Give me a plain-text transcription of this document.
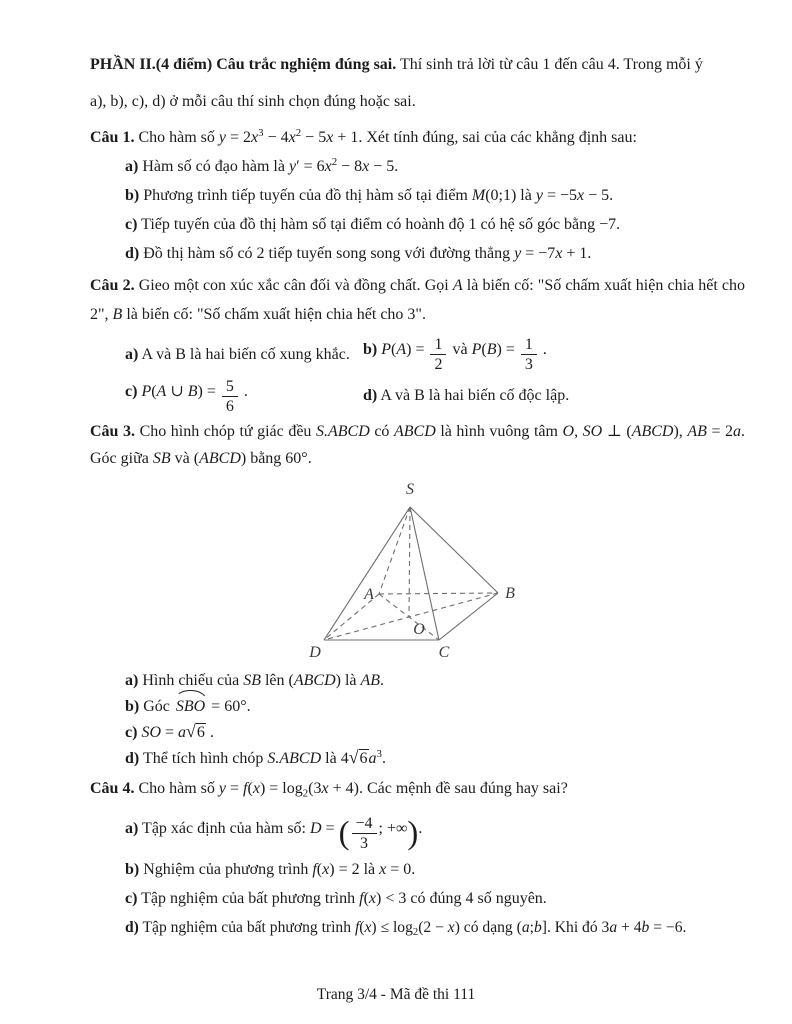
PHẦN II.(4 điểm) Câu trắc nghiệm đúng sai. Thí sinh trả lời từ câu 1 đến câu 4. Trong mỗi ý

a), b), c), d) ở mỗi câu thí sinh chọn đúng hoặc sai.

Câu 1. Cho hàm số $y = 2x^3 - 4x^2 - 5x + 1$. Xét tính đúng, sai của các khẳng định sau:

a) Hàm số có đạo hàm là $y' = 6x^2 - 8x - 5$.

b) Phương trình tiếp tuyến của đồ thị hàm số tại điểm M(0;1) là y = −5x − 5.

c) Tiếp tuyến của đồ thị hàm số tại điểm có hoành độ 1 có hệ số góc bằng −7.

d) Đồ thị hàm số có 2 tiếp tuyến song song với đường thẳng y = −7x + 1.

Câu 2. Gieo một con xúc xắc cân đối và đồng chất. Gọi A là biến cố: "Số chấm xuất hiện chia hết cho 2", B là biến cố: "Số chấm xuất hiện chia hết cho 3".

a) A và B là hai biến cố xung khắc. b) $P(A) = \frac{1}{2}$ và $P(B) = \frac{1}{3}$ .

c) P(A ∪ $B) = \frac{5}{6}$ .	d) A và B là hai biến cố độc lập.

Câu 3. Cho hình chóp tứ giác đều S.ABCD có ABCD là hình vuông tâm O, SO ⊥ (ABCD), AB = 2a. Góc giữa SB và (ABCD) bằng 60°.

S
A	B
C
D
O

a) Hình chiếu của SB lên (ABCD) là AB.

b) Góc SBO = 60°.

c) SO = a√6 .

d) Thể tích hình chóp S.ABCD là $4√6a^3$.

Câu 4. Cho hàm số $y = f(x) = \log_2(3x + 4)$. Các mệnh đề sau đúng hay sai?

a) Tập xác định của hàm số: D = ( $\frac{-4}{3}$ ; +∞).

b) Nghiệm của phương trình f(x) = 2 là x = 0.

c) Tập nghiệm của bất phương trình f(x) < 3 có đúng 4 số nguyên.

d) Tập nghiệm của bất phương trình $f(x) \le \log_2(2 - x)$ có dạng (a;b]. Khi đó 3a + 4b = −6.

Trang 3/4 - Mã đề thi 111
